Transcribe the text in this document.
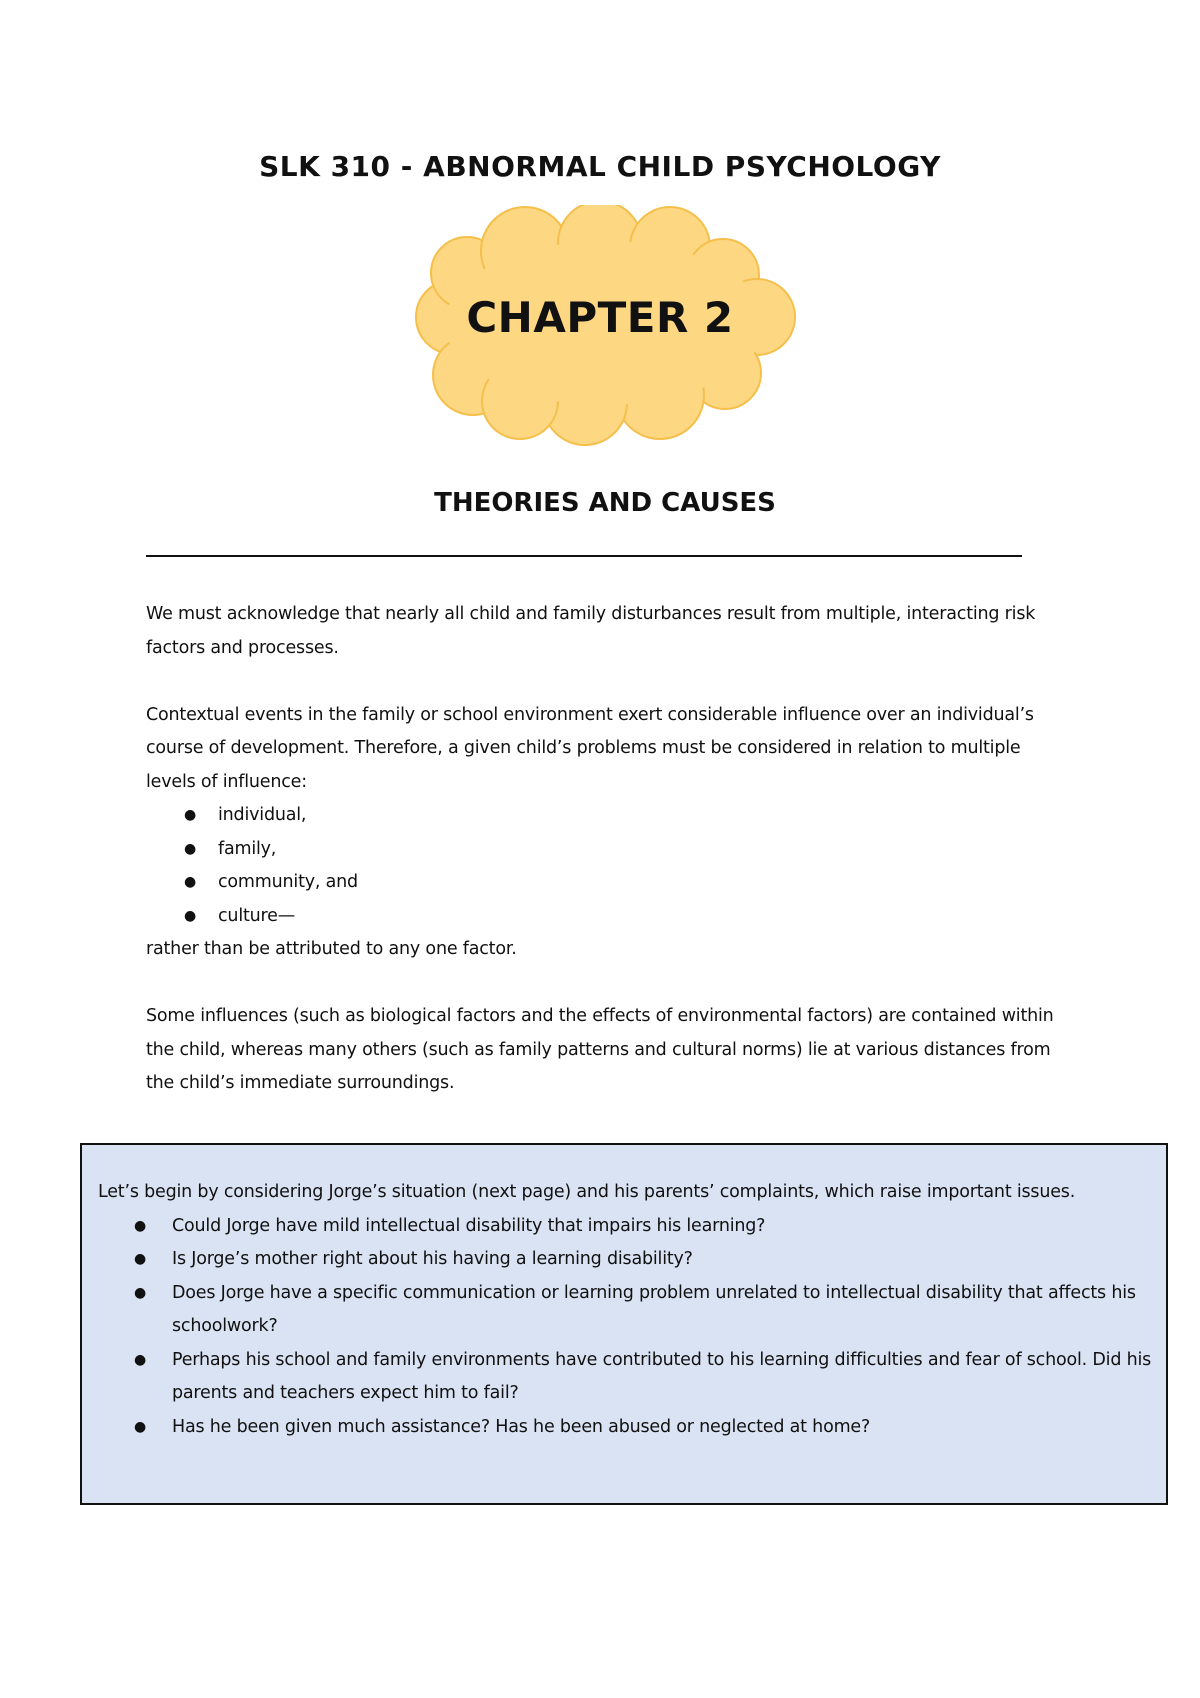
SLK 310 - ABNORMAL CHILD PSYCHOLOGY
CHAPTER 2
THEORIES AND CAUSES

We must acknowledge that nearly all child and family disturbances result from multiple, interacting risk factors and processes.

Contextual events in the family or school environment exert considerable influence over an individual’s course of development. Therefore, a given child’s problems must be considered in relation to multiple levels of influence:

● individual,
● family,
● community, and
● culture—

rather than be attributed to any one factor.

Some influences (such as biological factors and the effects of environmental factors) are contained within the child, whereas many others (such as family patterns and cultural norms) lie at various distances from the child’s immediate surroundings.

Let’s begin by considering Jorge’s situation (next page) and his parents’ complaints, which raise important issues.
● Could Jorge have mild intellectual disability that impairs his learning?
● Is Jorge’s mother right about his having a learning disability?
● Does Jorge have a specific communication or learning problem unrelated to intellectual disability that affects his schoolwork?
● Perhaps his school and family environments have contributed to his learning difficulties and fear of school. Did his parents and teachers expect him to fail?
● Has he been given much assistance? Has he been abused or neglected at home?
